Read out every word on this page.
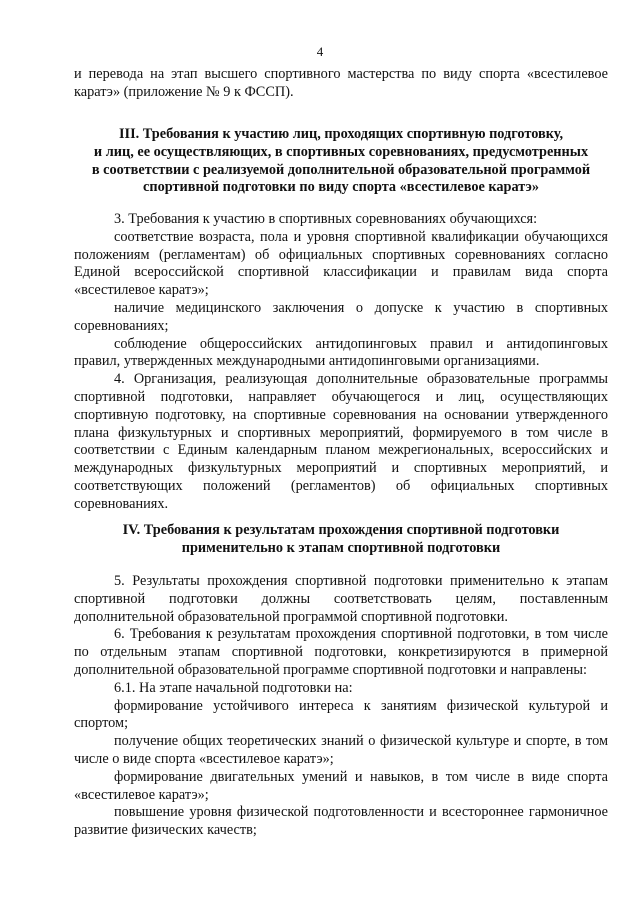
4

и перевода на этап высшего спортивного мастерства по виду спорта «всестилевое каратэ» (приложение № 9 к ФССП).

III. Требования к участию лиц, проходящих спортивную подготовку,
и лиц, ее осуществляющих, в спортивных соревнованиях, предусмотренных
в соответствии с реализуемой дополнительной образовательной программой
спортивной подготовки по виду спорта «всестилевое каратэ»

3. Требования к участию в спортивных соревнованиях обучающихся:

соответствие возраста, пола и уровня спортивной квалификации обучающихся положениям (регламентам) об официальных спортивных соревнованиях согласно Единой всероссийской спортивной классификации и правилам вида спорта «всестилевое каратэ»;

наличие медицинского заключения о допуске к участию в спортивных соревнованиях;

соблюдение общероссийских антидопинговых правил и антидопинговых правил, утвержденных международными антидопинговыми организациями.

4. Организация, реализующая дополнительные образовательные программы спортивной подготовки, направляет обучающегося и лиц, осуществляющих спортивную подготовку, на спортивные соревнования на основании утвержденного плана физкультурных и спортивных мероприятий, формируемого в том числе в соответствии с Единым календарным планом межрегиональных, всероссийских и международных физкультурных мероприятий и спортивных мероприятий, и соответствующих положений (регламентов) об официальных спортивных соревнованиях.

IV. Требования к результатам прохождения спортивной подготовки
применительно к этапам спортивной подготовки

5. Результаты прохождения спортивной подготовки применительно к этапам спортивной подготовки должны соответствовать целям, поставленным дополнительной образовательной программой спортивной подготовки.

6. Требования к результатам прохождения спортивной подготовки, в том числе по отдельным этапам спортивной подготовки, конкретизируются в примерной дополнительной образовательной программе спортивной подготовки и направлены:

6.1. На этапе начальной подготовки на:

формирование устойчивого интереса к занятиям физической культурой и спортом;

получение общих теоретических знаний о физической культуре и спорте, в том числе о виде спорта «всестилевое каратэ»;

формирование двигательных умений и навыков, в том числе в виде спорта «всестилевое каратэ»;

повышение уровня физической подготовленности и всестороннее гармоничное развитие физических качеств;
